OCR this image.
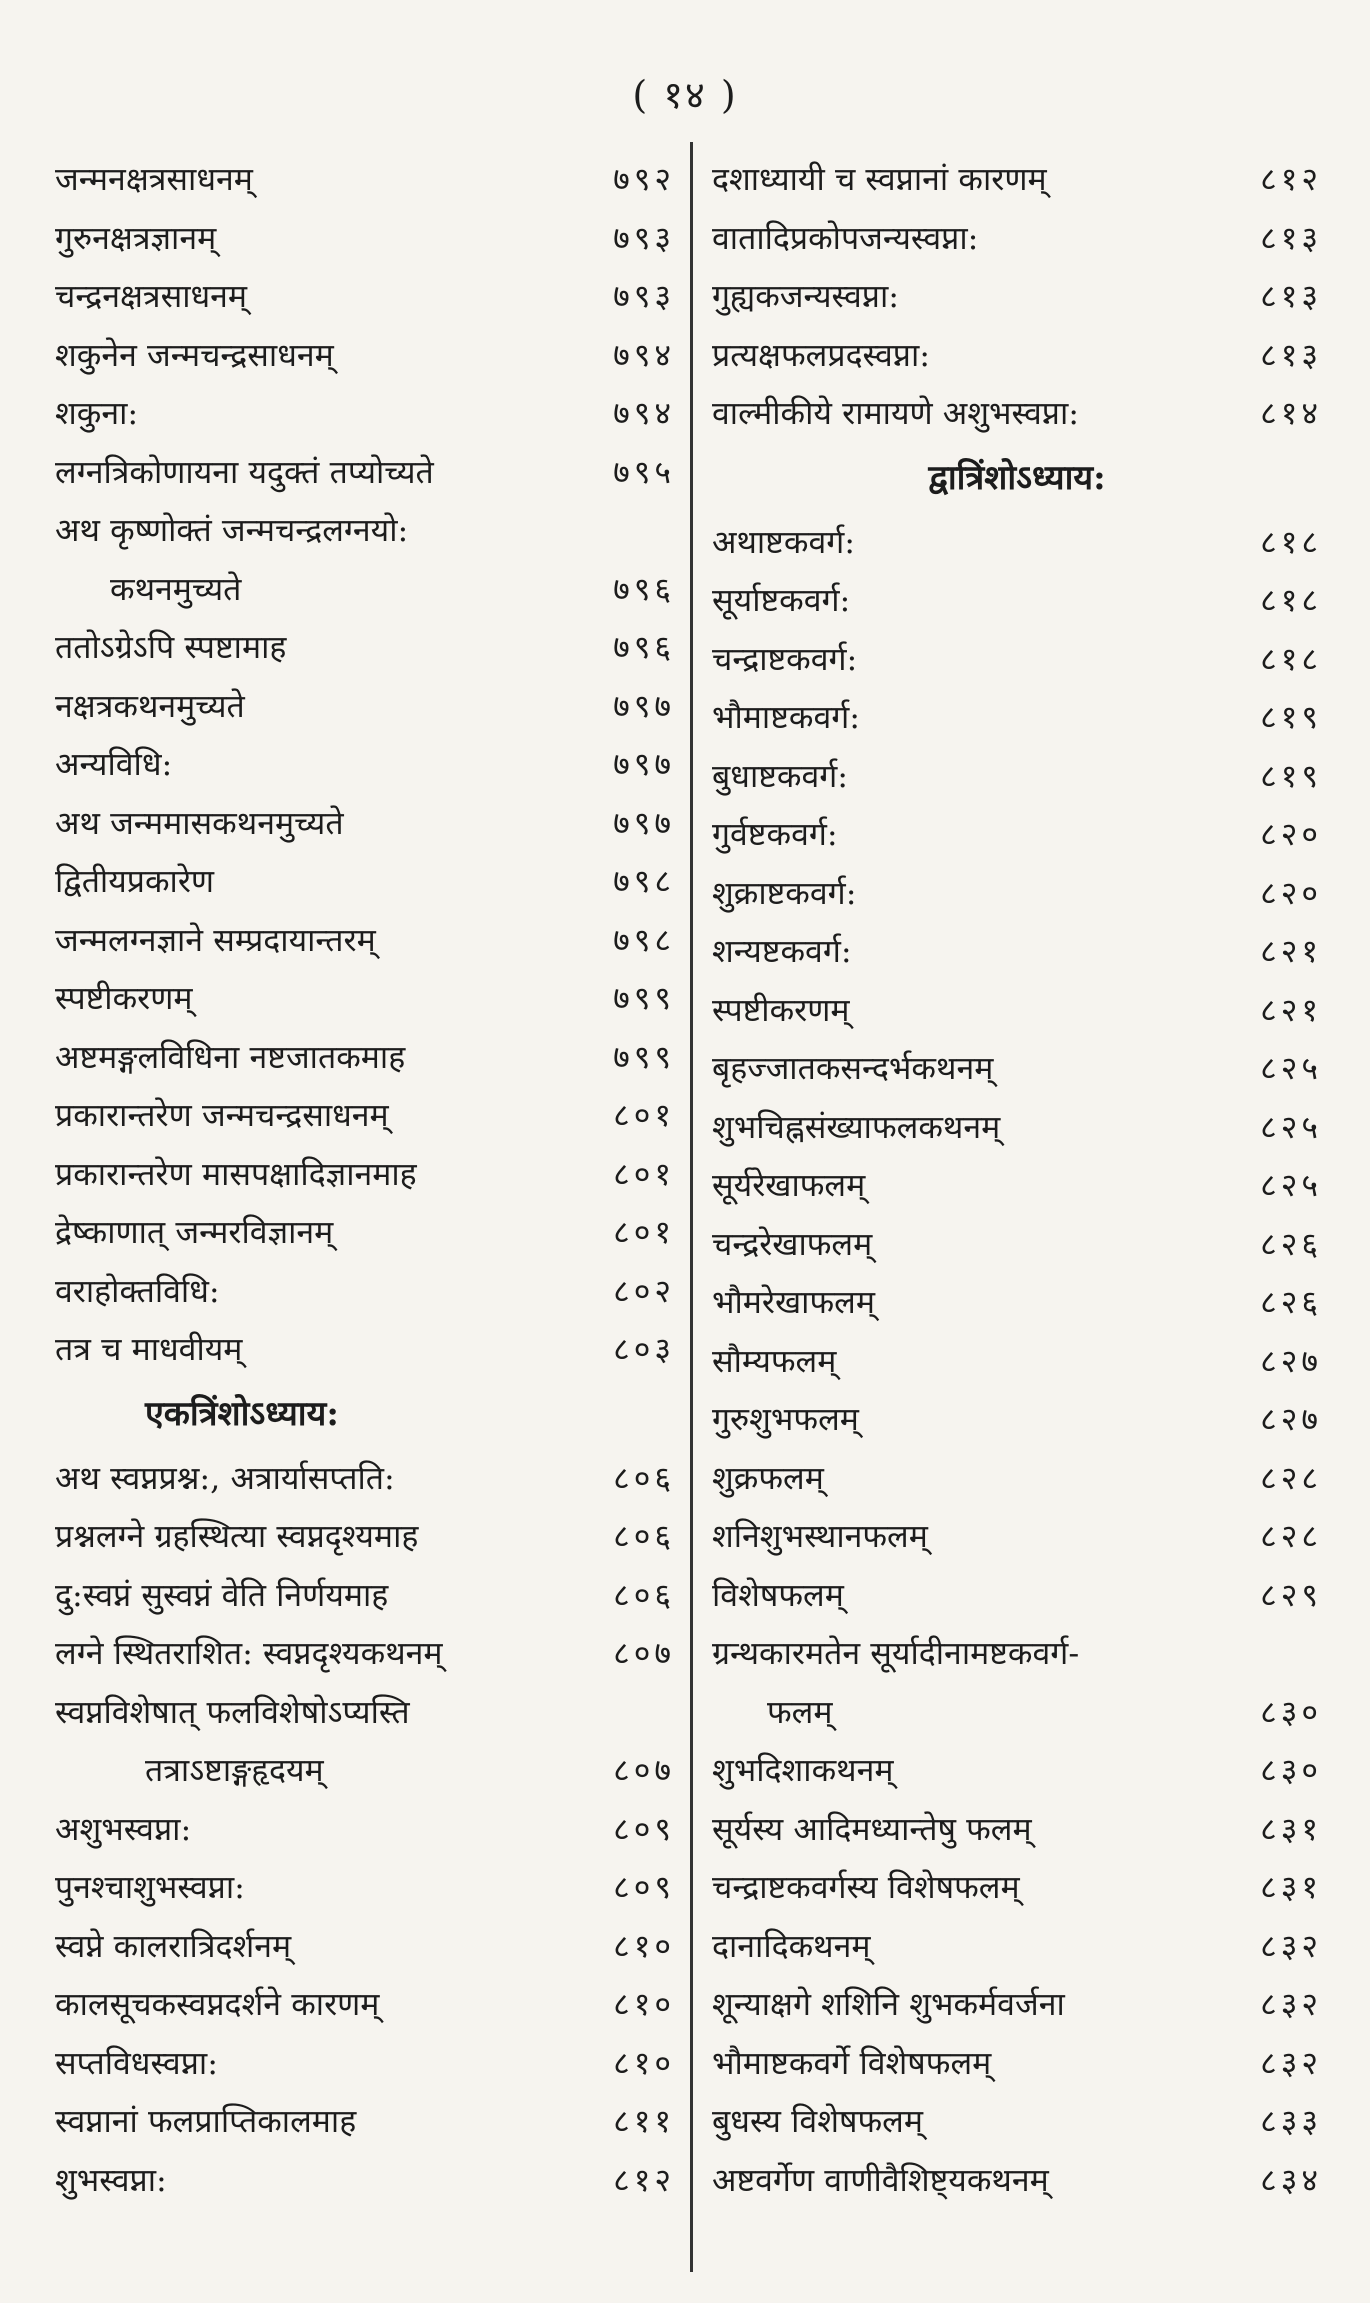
( १४ )
जन्मनक्षत्रसाधनम्	७९२
गुरुनक्षत्रज्ञानम्	७९३
चन्द्रनक्षत्रसाधनम्	७९३
शकुनेन जन्मचन्द्रसाधनम्	७९४
शकुना:	७९४
लग्नत्रिकोणायना यदुक्तं तप्योच्यते	७९५
अथ कृष्णोक्तं जन्मचन्द्रलग्नयो:
कथनमुच्यते	७९६
ततोऽग्रेऽपि स्पष्टामाह	७९६
नक्षत्रकथनमुच्यते	७९७
अन्यविधि:	७९७
अथ जन्ममासकथनमुच्यते	७९७
द्वितीयप्रकारेण	७९८
जन्मलग्नज्ञाने सम्प्रदायान्तरम्	७९८
स्पष्टीकरणम्	७९९
अष्टमङ्गलविधिना नष्टजातकमाह	७९९
प्रकारान्तरेण जन्मचन्द्रसाधनम्	८०१
प्रकारान्तरेण मासपक्षादिज्ञानमाह	८०१
द्रेष्काणात् जन्मरविज्ञानम्	८०१
वराहोक्तविधि:	८०२
तत्र च माधवीयम्	८०३
एकत्रिंशोऽध्याय:
अथ स्वप्नप्रश्न:, अत्रार्यासप्तति:	८०६
प्रश्नलग्ने ग्रहस्थित्या स्वप्नदृश्यमाह	८०६
दु:स्वप्नं सुस्वप्नं वेति निर्णयमाह	८०६
लग्ने स्थितराशित: स्वप्नदृश्यकथनम्	८०७
स्वप्नविशेषात् फलविशेषोऽप्यस्ति
तत्राऽष्टाङ्गहृदयम्	८०७
अशुभस्वप्ना:	८०९
पुनश्चाशुभस्वप्ना:	८०९
स्वप्ने कालरात्रिदर्शनम्	८१०
कालसूचकस्वप्नदर्शने कारणम्	८१०
सप्तविधस्वप्ना:	८१०
स्वप्नानां फलप्राप्तिकालमाह	८११
शुभस्वप्ना:	८१२
दशाध्यायी च स्वप्नानां कारणम्	८१२
वातादिप्रकोपजन्यस्वप्ना:	८१३
गुह्यकजन्यस्वप्ना:	८१३
प्रत्यक्षफलप्रदस्वप्ना:	८१३
वाल्मीकीये रामायणे अशुभस्वप्ना:	८१४
द्वात्रिंशोऽध्याय:
अथाष्टकवर्ग:	८१८
सूर्याष्टकवर्ग:	८१८
चन्द्राष्टकवर्ग:	८१८
भौमाष्टकवर्ग:	८१९
बुधाष्टकवर्ग:	८१९
गुर्वष्टकवर्ग:	८२०
शुक्राष्टकवर्ग:	८२०
शन्यष्टकवर्ग:	८२१
स्पष्टीकरणम्	८२१
बृहज्जातकसन्दर्भकथनम्	८२५
शुभचिह्नसंख्याफलकथनम्	८२५
सूर्यरेखाफलम्	८२५
चन्द्ररेखाफलम्	८२६
भौमरेखाफलम्	८२६
सौम्यफलम्	८२७
गुरुशुभफलम्	८२७
शुक्रफलम्	८२८
शनिशुभस्थानफलम्	८२८
विशेषफलम्	८२९
ग्रन्थकारमतेन सूर्यादीनामष्टकवर्ग-
फलम्	८३०
शुभदिशाकथनम्	८३०
सूर्यस्य आदिमध्यान्तेषु फलम्	८३१
चन्द्राष्टकवर्गस्य विशेषफलम्	८३१
दानादिकथनम्	८३२
शून्याक्षगे शशिनि शुभकर्मवर्जना	८३२
भौमाष्टकवर्गे विशेषफलम्	८३२
बुधस्य विशेषफलम्	८३३
अष्टवर्गेण वाणीवैशिष्ट्यकथनम्	८३४
